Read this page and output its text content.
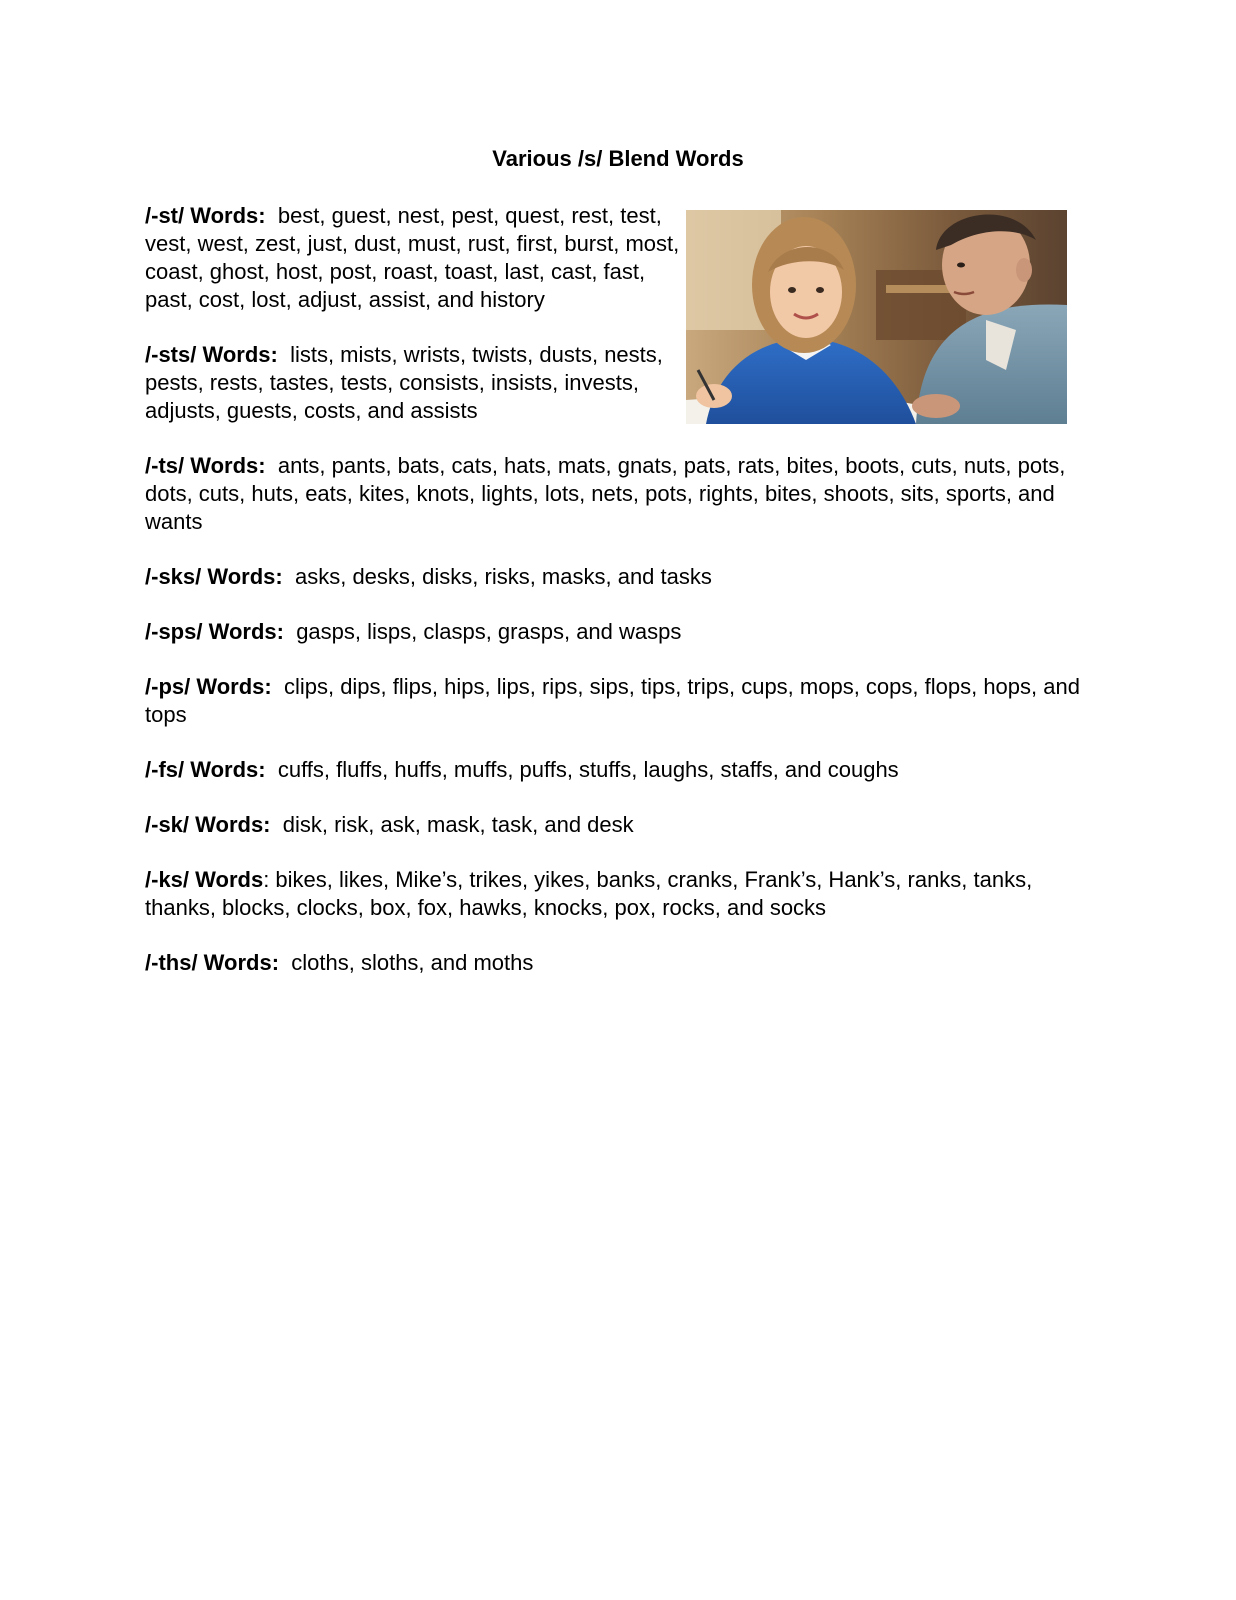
Various /s/ Blend Words

/-st/ Words: best, guest, nest, pest, quest, rest, test, vest, west, zest, just, dust, must, rust, first, burst, most, coast, ghost, host, post, roast, toast, last, cast, fast, past, cost, lost, adjust, assist, and history

/-sts/ Words: lists, mists, wrists, twists, dusts, nests, pests, rests, tastes, tests, consists, insists, invests, adjusts, guests, costs, and assists

/-ts/ Words: ants, pants, bats, cats, hats, mats, gnats, pats, rats, bites, boots, cuts, nuts, pots, dots, cuts, huts, eats, kites, knots, lights, lots, nets, pots, rights, bites, shoots, sits, sports, and wants

/-sks/ Words: asks, desks, disks, risks, masks, and tasks

/-sps/ Words: gasps, lisps, clasps, grasps, and wasps

/-ps/ Words: clips, dips, flips, hips, lips, rips, sips, tips, trips, cups, mops, cops, flops, hops, and tops

/-fs/ Words: cuffs, fluffs, huffs, muffs, puffs, stuffs, laughs, staffs, and coughs

/-sk/ Words: disk, risk, ask, mask, task, and desk

/-ks/ Words: bikes, likes, Mike’s, trikes, yikes, banks, cranks, Frank’s, Hank’s, ranks, tanks, thanks, blocks, clocks, box, fox, hawks, knocks, pox, rocks, and socks

/-ths/ Words: cloths, sloths, and moths
